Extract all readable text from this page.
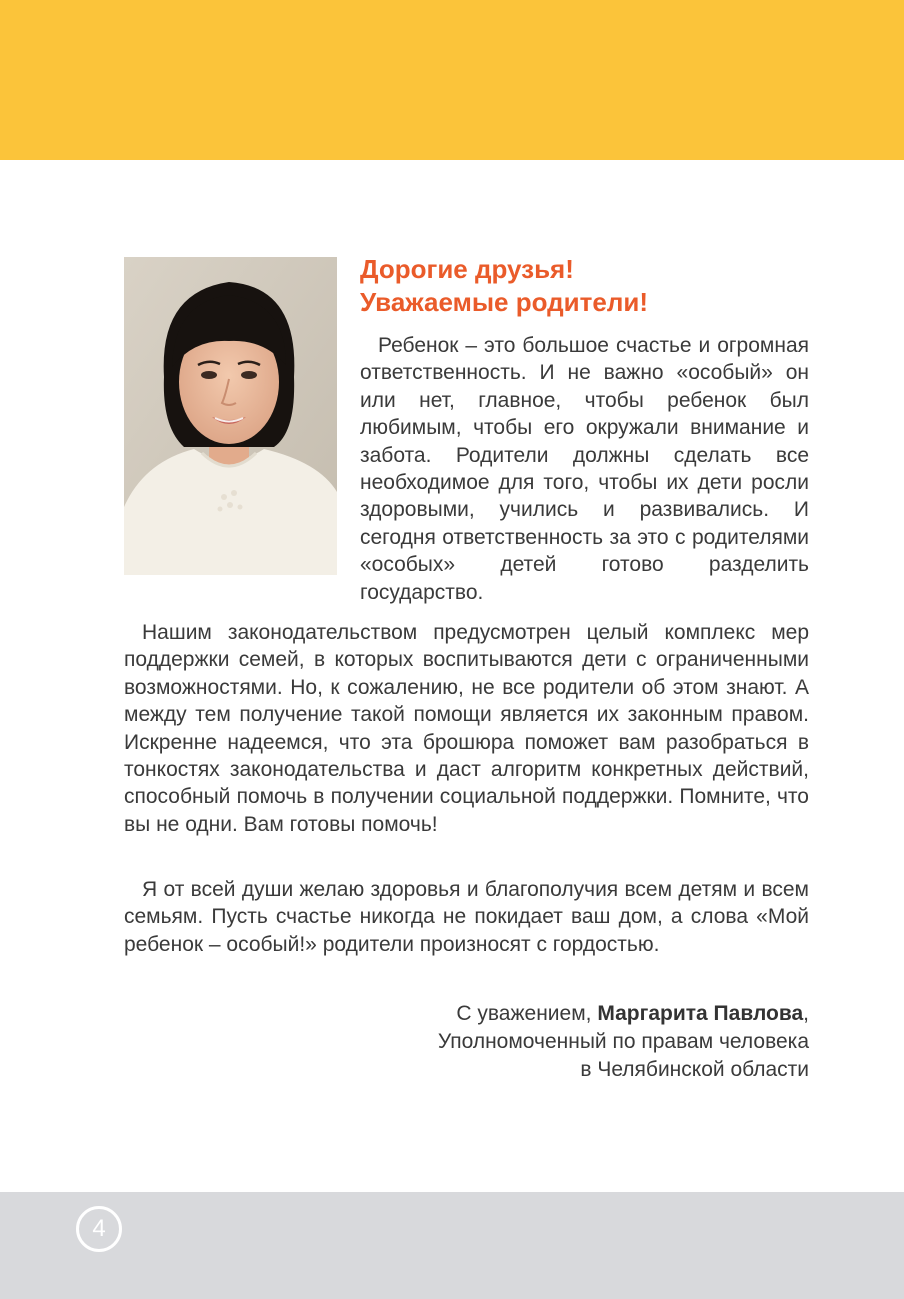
Дорогие друзья!
Уважаемые родители!

Ребенок – это большое счастье и огромная ответственность. И не важно «особый» он или нет, главное, чтобы ребенок был любимым, чтобы его окружали внимание и забота. Родители должны сделать все необходимое для того, чтобы их дети росли здоровыми, учились и развивались. И сегодня ответственность за это с родителями «особых» детей готово разделить государство.

Нашим законодательством предусмотрен целый комплекс мер поддержки семей, в которых воспитываются дети с ограниченными возможностями. Но, к сожалению, не все родители об этом знают. А между тем получение такой помощи является их законным правом. Искренне надеемся, что эта брошюра поможет вам разобраться в тонкостях законодательства и даст алгоритм конкретных действий, способный помочь в получении социальной поддержки. Помните, что вы не одни. Вам готовы помочь!

Я от всей души желаю здоровья и благополучия всем детям и всем семьям. Пусть счастье никогда не покидает ваш дом, а слова «Мой ребенок – особый!» родители произносят с гордостью.

С уважением, Маргарита Павлова,
Уполномоченный по правам человека
в Челябинской области
4
